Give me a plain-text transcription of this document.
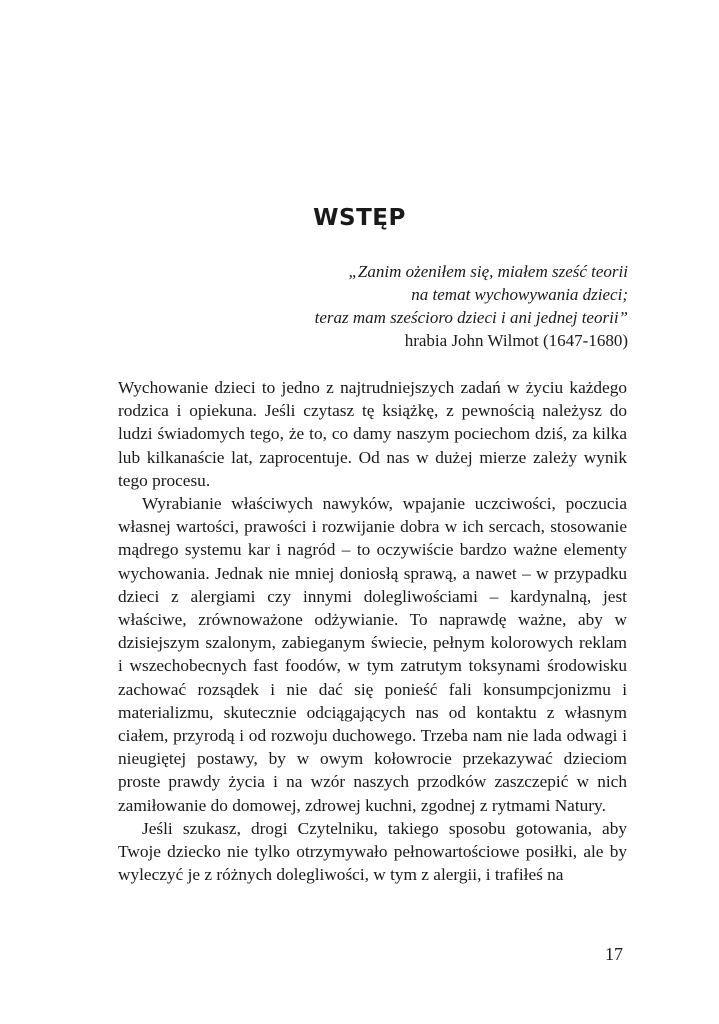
WSTĘP
„Zanim ożeniłem się, miałem sześć teorii
na temat wychowywania dzieci;
teraz mam sześcioro dzieci i ani jednej teorii”
hrabia John Wilmot (1647-1680)

Wychowanie dzieci to jedno z najtrudniejszych zadań w życiu każdego rodzica i opiekuna. Jeśli czytasz tę książkę, z pewnością należysz do ludzi świadomych tego, że to, co damy naszym pociechom dziś, za kilka lub kilkanaście lat, zaprocentuje. Od nas w dużej mierze zależy wynik tego procesu.

Wyrabianie właściwych nawyków, wpajanie uczciwości, poczucia własnej wartości, prawości i rozwijanie dobra w ich sercach, stosowanie mądrego systemu kar i nagród – to oczywiście bardzo ważne elementy wychowania. Jednak nie mniej doniosłą sprawą, a nawet – w przypadku dzieci z alergiami czy innymi dolegliwościami – kardynalną, jest właściwe, zrównoważone odżywianie. To naprawdę ważne, aby w dzisiejszym szalonym, zabieganym świecie, pełnym kolorowych reklam i wszechobecnych fast foodów, w tym zatrutym toksynami środowisku zachować rozsądek i nie dać się ponieść fali konsumpcjonizmu i materializmu, skutecznie odciągających nas od kontaktu z własnym ciałem, przyrodą i od rozwoju duchowego. Trzeba nam nie lada odwagi i nieugiętej postawy, by w owym kołowrocie przekazywać dzieciom proste prawdy życia i na wzór naszych przodków zaszczepić w nich zamiłowanie do domowej, zdrowej kuchni, zgodnej z rytmami Natury.

Jeśli szukasz, drogi Czytelniku, takiego sposobu gotowania, aby Twoje dziecko nie tylko otrzymywało pełnowartościowe posiłki, ale by wyleczyć je z różnych dolegliwości, w tym z alergii, i trafiłeś na

17
